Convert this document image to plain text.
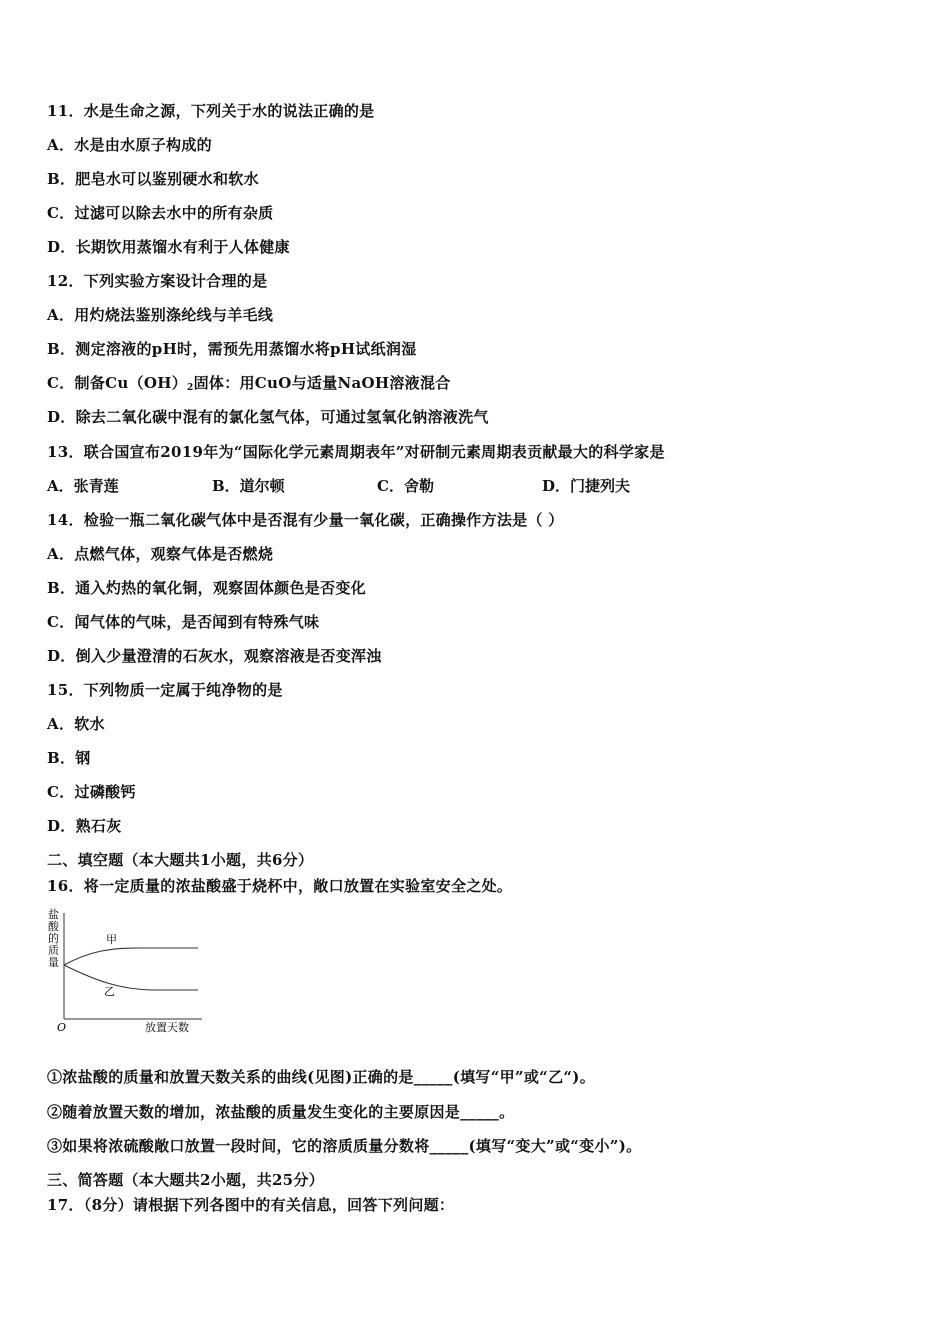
11．水是生命之源，下列关于水的说法正确的是
A．水是由水原子构成的
B．肥皂水可以鉴别硬水和软水
C．过滤可以除去水中的所有杂质
D．长期饮用蒸馏水有利于人体健康
12．下列实验方案设计合理的是
A．用灼烧法鉴别涤纶线与羊毛线
B．测定溶液的pH时，需预先用蒸馏水将pH试纸润湿
C．制备$Cu(OH)_2$固体：用CuO与适量NaOH溶液混合
D．除去二氧化碳中混有的氯化氢气体，可通过氢氧化钠溶液洗气
13．联合国宣布2019年为“国际化学元素周期表年”对研制元素周期表贡献最大的科学家是
A．张青莲	B．道尔顿	C．舍勒	D．门捷列夫
14．检验一瓶二氧化碳气体中是否混有少量一氧化碳，正确操作方法是（ ）
A．点燃气体，观察气体是否燃烧
B．通入灼热的氧化铜，观察固体颜色是否变化
C．闻气体的气味，是否闻到有特殊气味
D．倒入少量澄清的石灰水，观察溶液是否变浑浊
15．下列物质一定属于纯净物的是
A．软水
B．钢
C．过磷酸钙
D．熟石灰
二、填空题（本大题共1小题，共6分）
16．将一定质量的浓盐酸盛于烧杯中，敞口放置在实验室安全之处。
盐
酸
的
质
量
甲
乙
O	放置天数
①浓盐酸的质量和放置天数关系的曲线(见图)正确的是_____(填写“甲”或“乙“)。
②随着放置天数的增加，浓盐酸的质量发生变化的主要原因是_____。
③如果将浓硫酸敞口放置一段时间，它的溶质质量分数将_____(填写“变大”或“变小”)。
三、简答题（本大题共2小题，共25分）
17．（8分）请根据下列各图中的有关信息，回答下列问题：
